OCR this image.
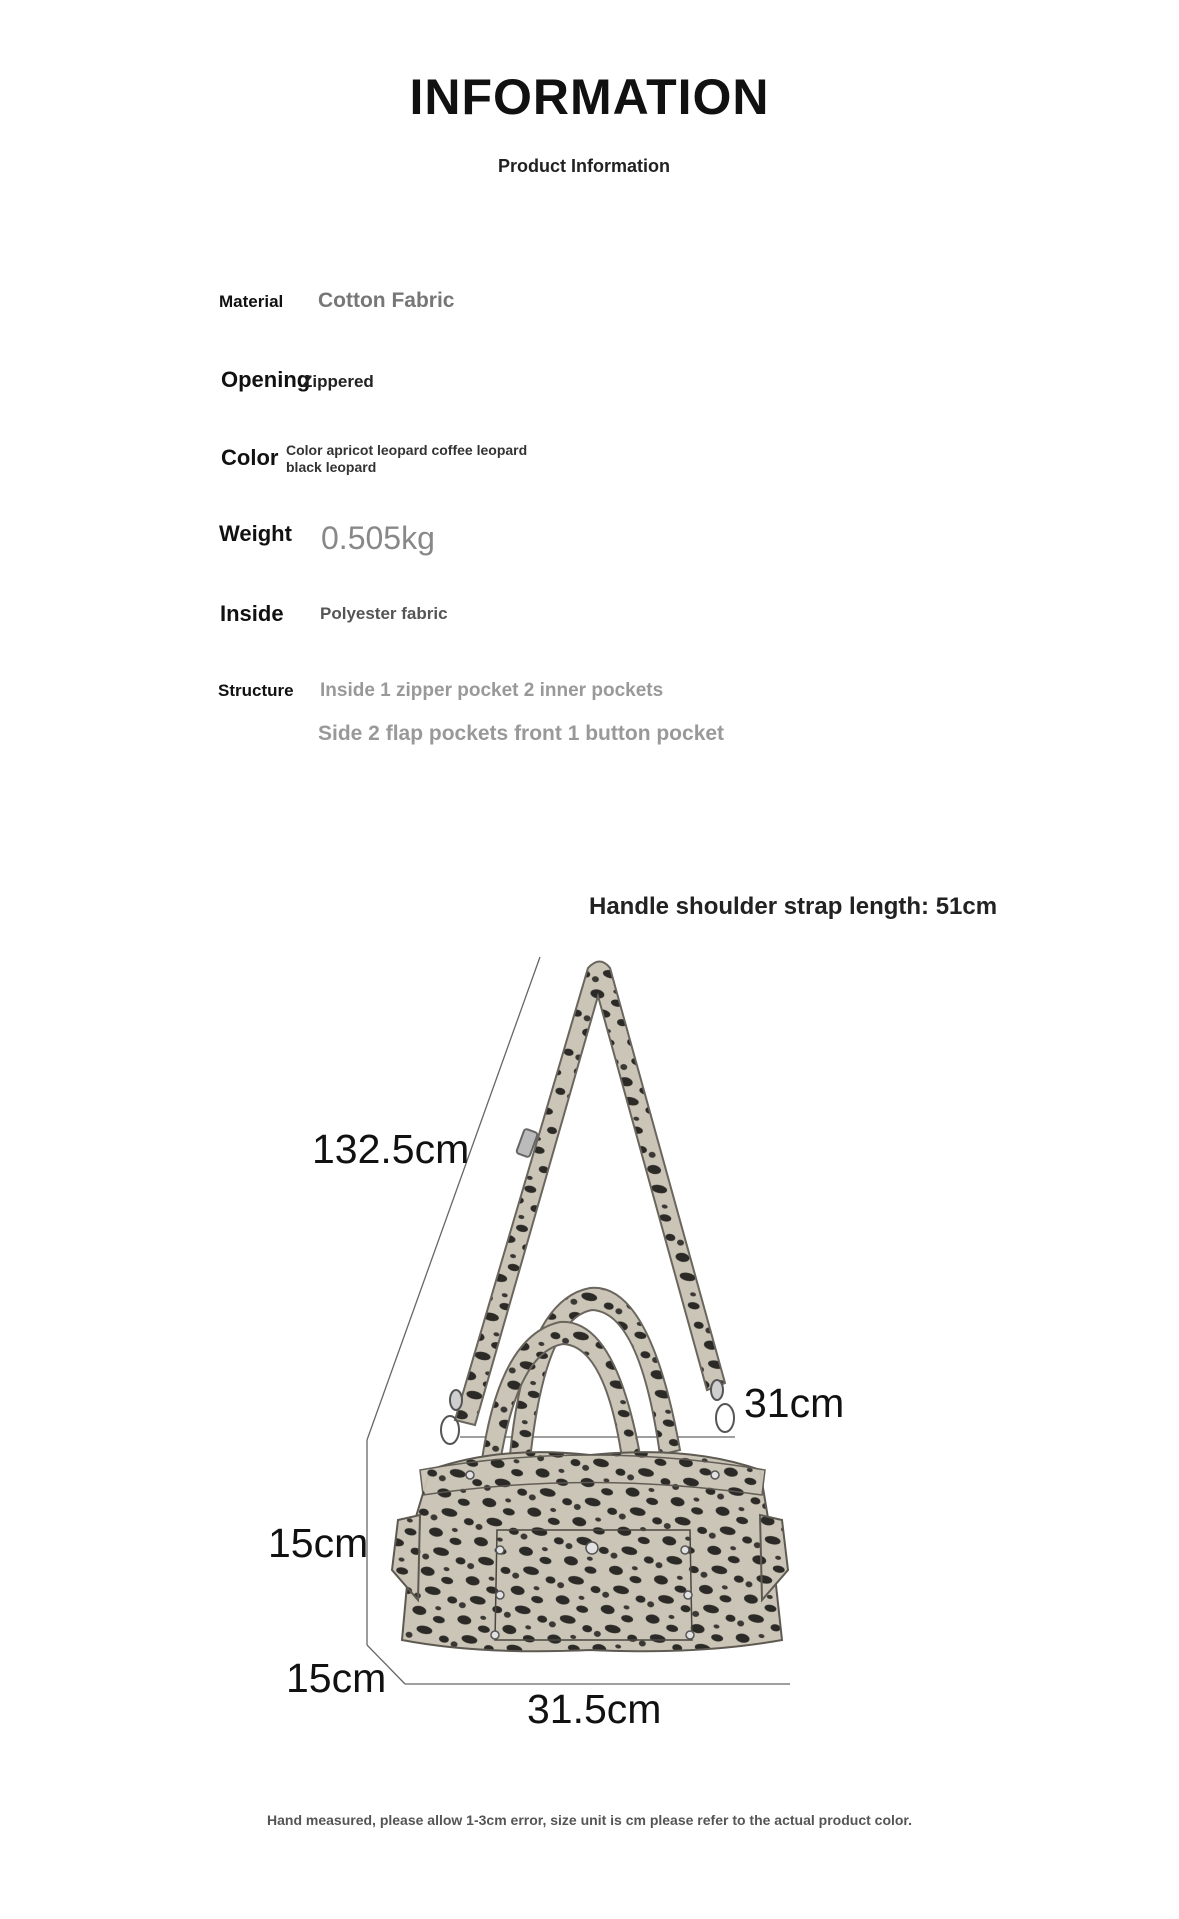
INFORMATION
Product Information
Material Cotton Fabric
Opening
Zippered
Color Color apricot leopard coffee leopard
black leopard
Weight 0.505kg
Inside Polyester fabric
Structure Inside 1 zipper pocket 2 inner pockets
Side 2 flap pockets front 1 button pocket
Handle shoulder strap length: 51cm
132.5cm
31cm
15cm
15cm
31.5cm
Hand measured, please allow 1-3cm error, size unit is cm please refer to the actual product color.
